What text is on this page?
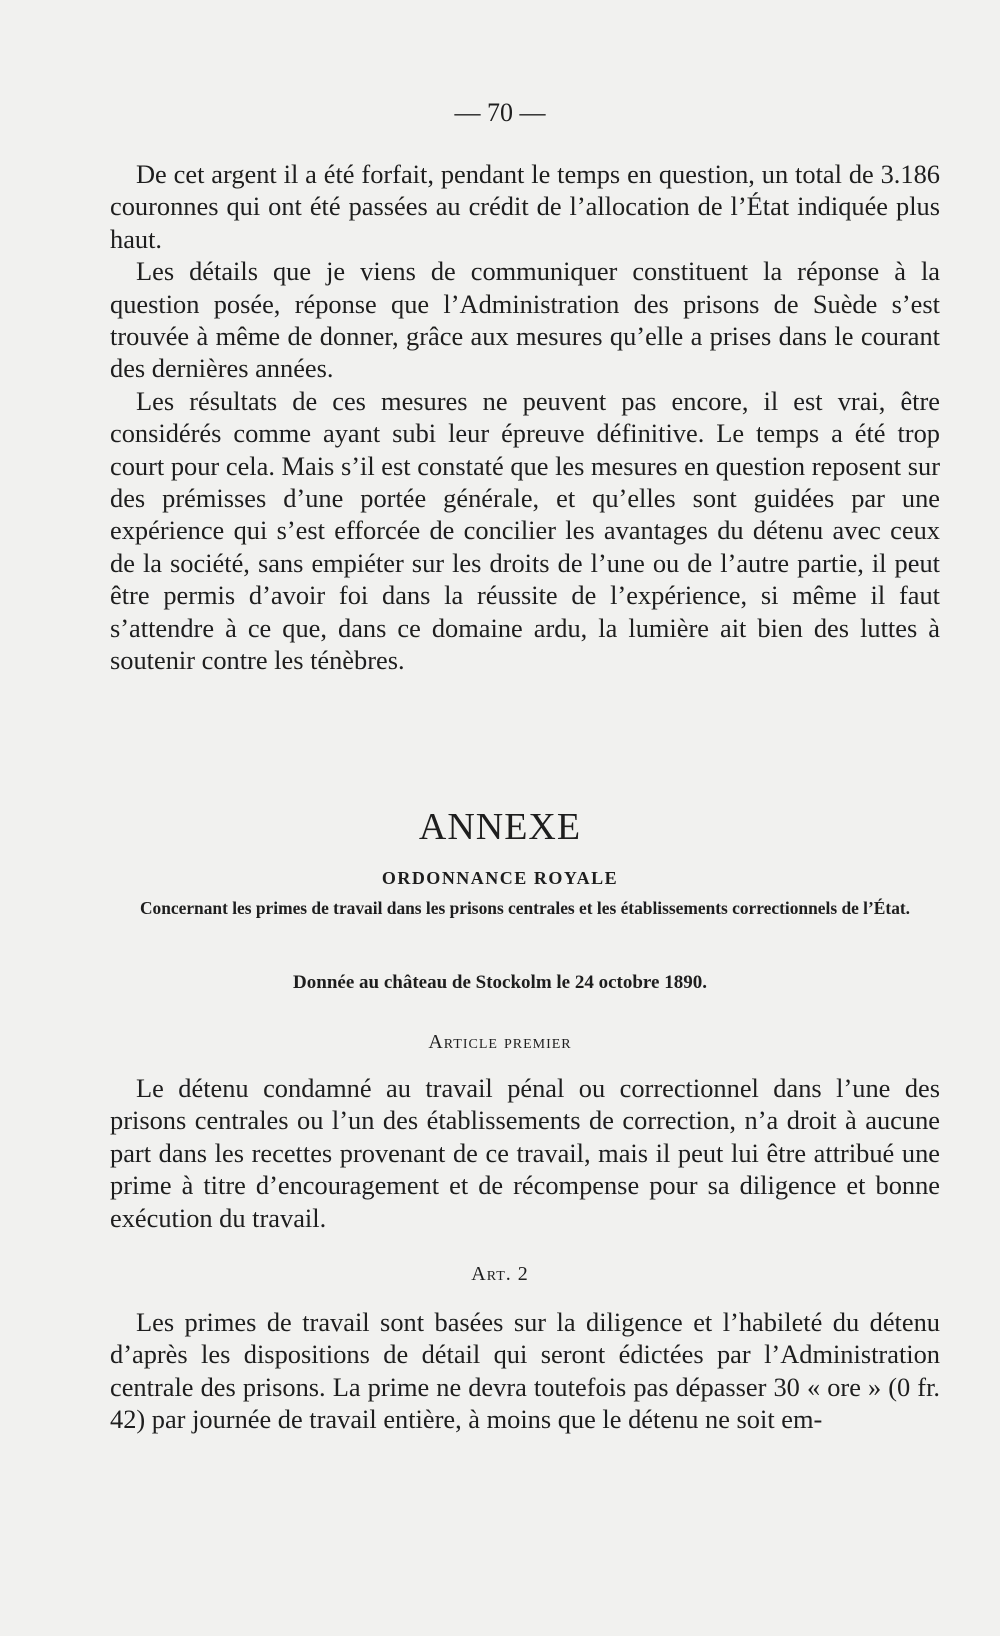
— 70 —

De cet argent il a été forfait, pendant le temps en question, un total de 3.186 couronnes qui ont été passées au crédit de l’allocation de l’État indiquée plus haut.

Les détails que je viens de communiquer constituent la réponse à la question posée, réponse que l’Administration des prisons de Suède s’est trouvée à même de donner, grâce aux mesures qu’elle a prises dans le courant des dernières années.

Les résultats de ces mesures ne peuvent pas encore, il est vrai, être considérés comme ayant subi leur épreuve définitive. Le temps a été trop court pour cela. Mais s’il est constaté que les mesures en question reposent sur des prémisses d’une portée générale, et qu’elles sont guidées par une expérience qui s’est efforcée de concilier les avantages du détenu avec ceux de la société, sans empiéter sur les droits de l’une ou de l’autre partie, il peut être permis d’avoir foi dans la réussite de l’expérience, si même il faut s’attendre à ce que, dans ce domaine ardu, la lumière ait bien des luttes à soutenir contre les ténèbres.

ANNEXE
ORDONNANCE ROYALE
Concernant les primes de travail dans les prisons centrales et les établissements correctionnels de l’État.
Donnée au château de Stockolm le 24 octobre 1890.
Article premier

Le détenu condamné au travail pénal ou correctionnel dans l’une des prisons centrales ou l’un des établissements de correction, n’a droit à aucune part dans les recettes provenant de ce travail, mais il peut lui être attribué une prime à titre d’encouragement et de récompense pour sa diligence et bonne exécution du travail.

Art. 2

Les primes de travail sont basées sur la diligence et l’habileté du détenu d’après les dispositions de détail qui seront édictées par l’Administration centrale des prisons. La prime ne devra toutefois pas dépasser 30 « ore » (0 fr. 42) par journée de travail entière, à moins que le détenu ne soit em-
